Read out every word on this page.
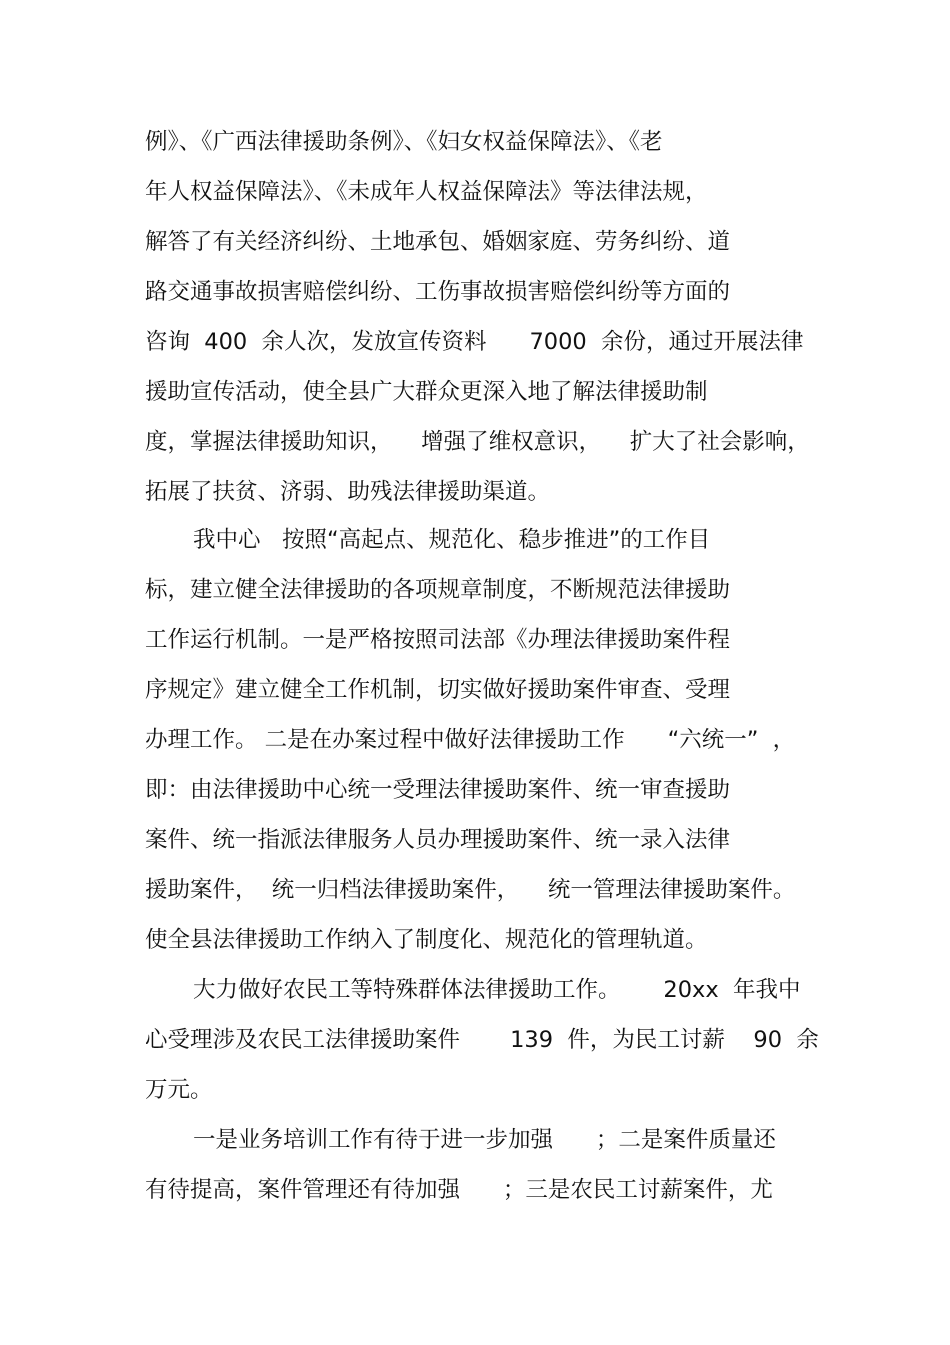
例》、《广西法律援助条例》、《妇女权益保障法》、《老
年人权益保障法》、《未成年人权益保障法》等法律法规，
解答了有关经济纠纷、土地承包、婚姻家庭、劳务纠纷、道
路交通事故损害赔偿纠纷、工伤事故损害赔偿纠纷等方面的
咨询  400  余人次，发放宣传资料      7000  余份，通过开展法律
援助宣传活动，使全县广大群众更深入地了解法律援助制
度，掌握法律援助知识，    增强了维权意识，    扩大了社会影响，
拓展了扶贫、济弱、助残法律援助渠道。
我中心   按照“高起点、规范化、稳步推进”的工作目
标，建立健全法律援助的各项规章制度，不断规范法律援助
工作运行机制。一是严格按照司法部《办理法律援助案件程
序规定》建立健全工作机制，切实做好援助案件审查、受理
办理工作。 二是在办案过程中做好法律援助工作      “六统一”  ，
即：由法律援助中心统一受理法律援助案件、统一审查援助
案件、统一指派法律服务人员办理援助案件、统一录入法律
援助案件，  统一归档法律援助案件，    统一管理法律援助案件。
使全县法律援助工作纳入了制度化、规范化的管理轨道。
大力做好农民工等特殊群体法律援助工作。      20xx  年我中
心受理涉及农民工法律援助案件       139  件，为民工讨薪    90  余
万元。
一是业务培训工作有待于进一步加强      ；二是案件质量还
有待提高，案件管理还有待加强      ；三是农民工讨薪案件，尤
